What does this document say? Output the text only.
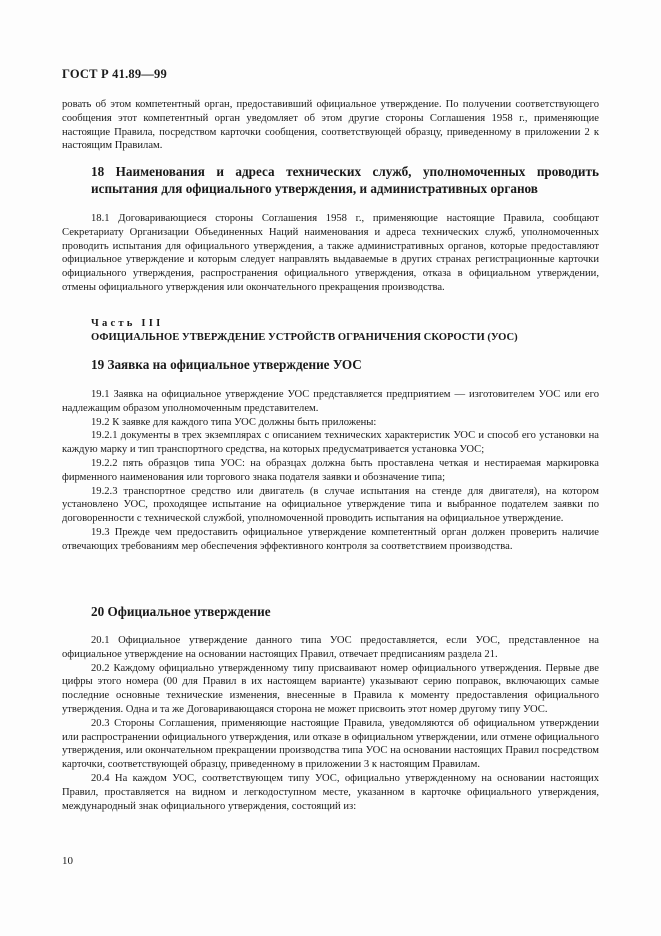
ГОСТ Р 41.89—99

ровать об этом компетентный орган, предоставивший официальное утверждение. По получении соответствующего сообщения этот компетентный орган уведомляет об этом другие стороны Соглашения 1958 г., применяющие настоящие Правила, посредством карточки сообщения, соответствующей образцу, приведенному в приложении 2 к настоящим Правилам.

18 Наименования и адреса технических служб, уполномоченных проводить испытания для официального утверждения, и административных органов

18.1 Договаривающиеся стороны Соглашения 1958 г., применяющие настоящие Правила, сообщают Секретариату Организации Объединенных Наций наименования и адреса технических служб, уполномоченных проводить испытания для официального утверждения, а также административных органов, которые предоставляют официальное утверждение и которым следует направлять выдаваемые в других странах регистрационные карточки официального утверждения, распространения официального утверждения, отказа в официальном утверждении, отмены официального утверждения или окончательного прекращения производства.

Часть III
ОФИЦИАЛЬНОЕ УТВЕРЖДЕНИЕ УСТРОЙСТВ ОГРАНИЧЕНИЯ СКОРОСТИ (УОС)
19 Заявка на официальное утверждение УОС

19.1 Заявка на официальное утверждение УОС представляется предприятием — изготовителем УОС или его надлежащим образом уполномоченным представителем.

19.2 К заявке для каждого типа УОС должны быть приложены:

19.2.1 документы в трех экземплярах с описанием технических характеристик УОС и способ его установки на каждую марку и тип транспортного средства, на которых предусматривается установка УОС;

19.2.2 пять образцов типа УОС: на образцах должна быть проставлена четкая и нестираемая маркировка фирменного наименования или торгового знака подателя заявки и обозначение типа;

19.2.3 транспортное средство или двигатель (в случае испытания на стенде для двигателя), на котором установлено УОС, проходящее испытание на официальное утверждение типа и выбранное подателем заявки по договоренности с технической службой, уполномоченной проводить испытания на официальное утверждение.

19.3 Прежде чем предоставить официальное утверждение компетентный орган должен проверить наличие отвечающих требованиям мер обеспечения эффективного контроля за соответствием производства.

20 Официальное утверждение

20.1 Официальное утверждение данного типа УОС предоставляется, если УОС, представленное на официальное утверждение на основании настоящих Правил, отвечает предписаниям раздела 21.

20.2 Каждому официально утвержденному типу присваивают номер официального утверждения. Первые две цифры этого номера (00 для Правил в их настоящем варианте) указывают серию поправок, включающих самые последние основные технические изменения, внесенные в Правила к моменту предоставления официального утверждения. Одна и та же Договаривающаяся сторона не может присвоить этот номер другому типу УОС.

20.3 Стороны Соглашения, применяющие настоящие Правила, уведомляются об официальном утверждении или распространении официального утверждения, или отказе в официальном утверждении, или отмене официального утверждения, или окончательном прекращении производства типа УОС на основании настоящих Правил посредством карточки, соответствующей образцу, приведенному в приложении 3 к настоящим Правилам.

20.4 На каждом УОС, соответствующем типу УОС, официально утвержденному на основании настоящих Правил, проставляется на видном и легкодоступном месте, указанном в карточке официального утверждения, международный знак официального утверждения, состоящий из:

10
